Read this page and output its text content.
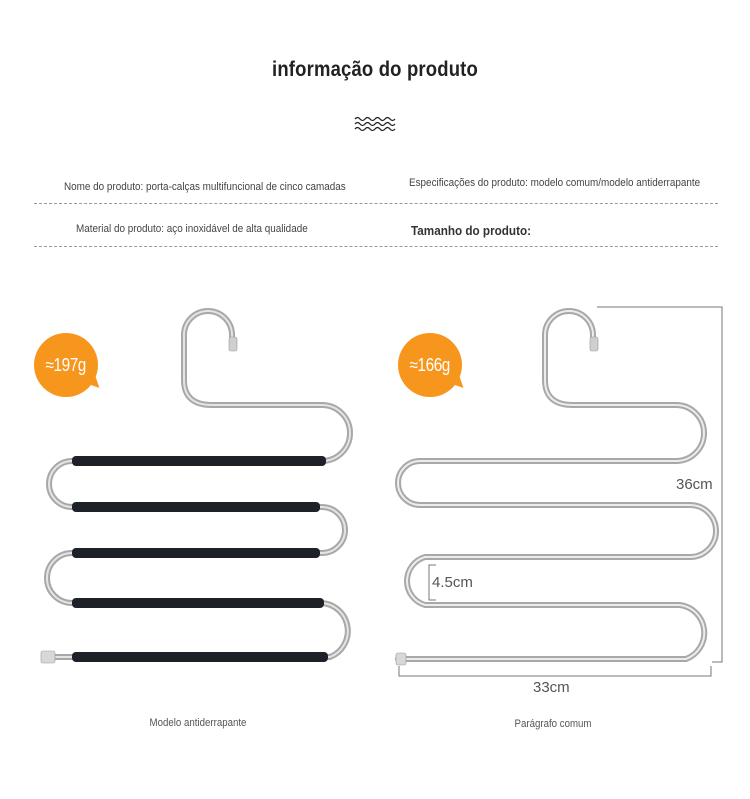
informação do produto
Nome do produto: porta-calças multifuncional de cinco camadas	Especificações do produto: modelo comum/modelo antiderrapante
Material do produto: aço inoxidável de alta qualidade	Tamanho do produto:
≈197g	≈166g
36cm
4.5cm
33cm
Modelo antiderrapante	Parágrafo comum
